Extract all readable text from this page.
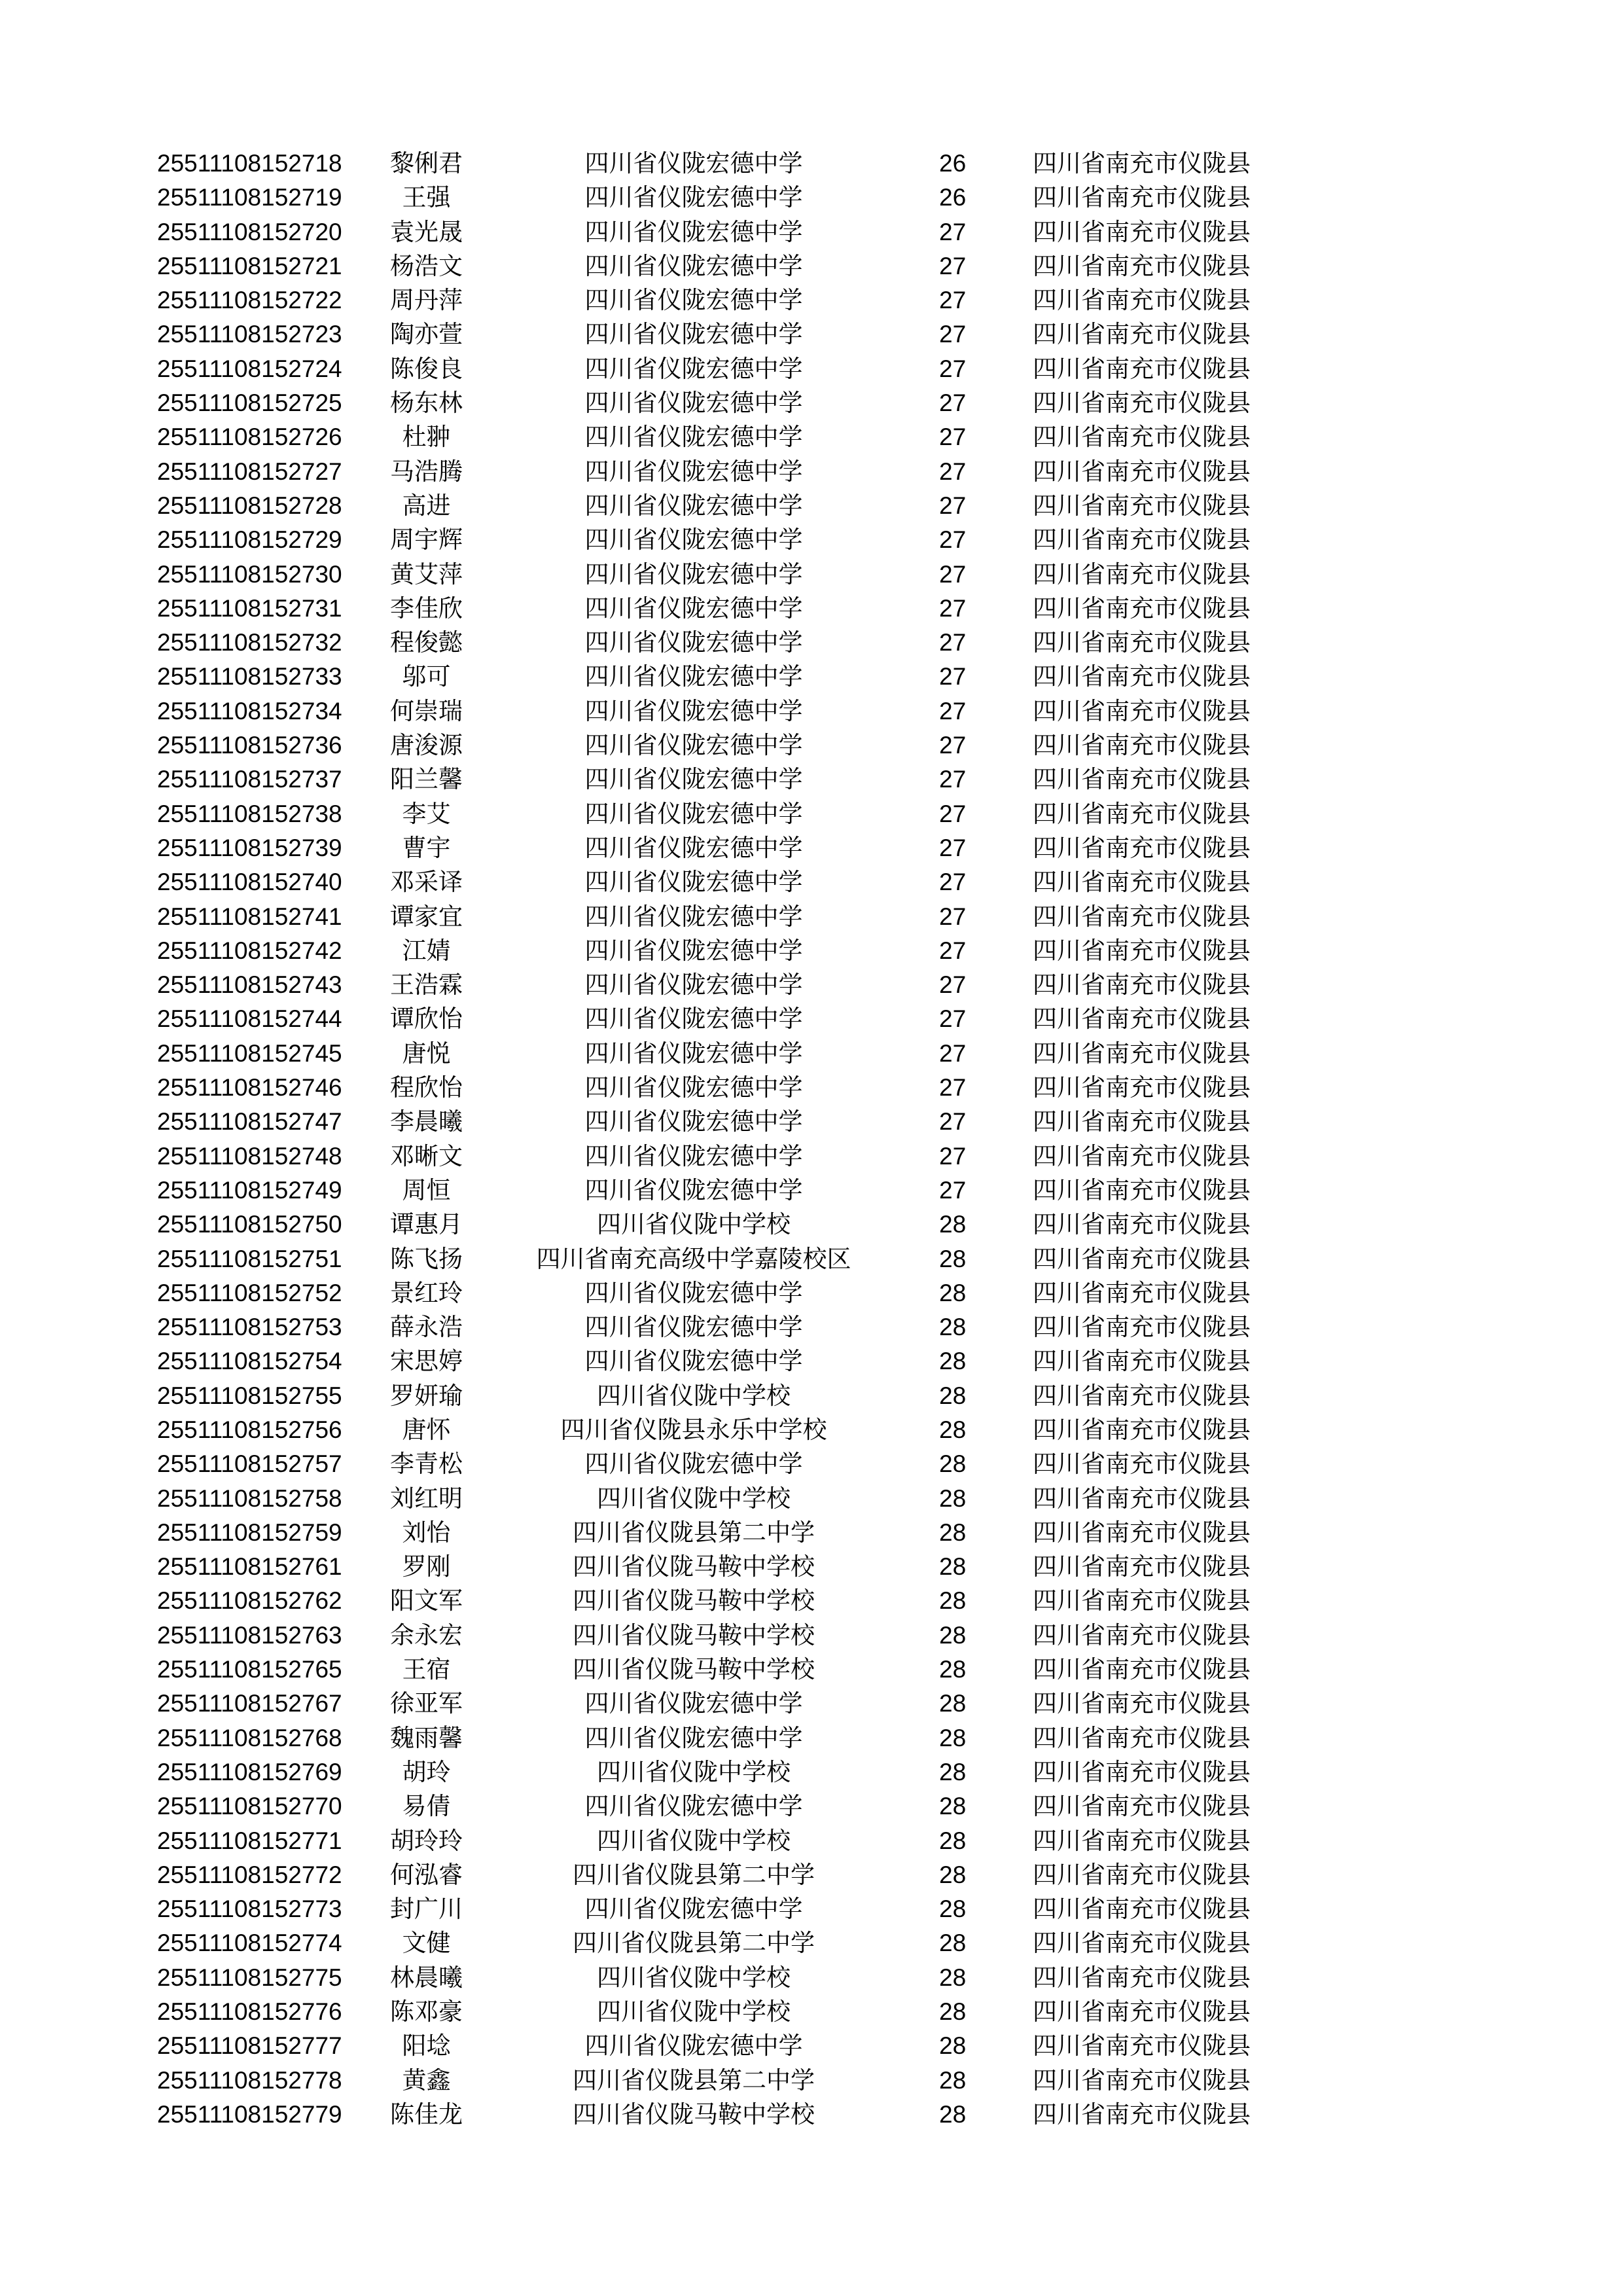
25511108152718	黎俐君	四川省仪陇宏德中学	26	四川省南充市仪陇县
25511108152719	王强	四川省仪陇宏德中学	26	四川省南充市仪陇县
25511108152720	袁光晟	四川省仪陇宏德中学	27	四川省南充市仪陇县
25511108152721	杨浩文	四川省仪陇宏德中学	27	四川省南充市仪陇县
25511108152722	周丹萍	四川省仪陇宏德中学	27	四川省南充市仪陇县
25511108152723	陶亦萱	四川省仪陇宏德中学	27	四川省南充市仪陇县
25511108152724	陈俊良	四川省仪陇宏德中学	27	四川省南充市仪陇县
25511108152725	杨东林	四川省仪陇宏德中学	27	四川省南充市仪陇县
25511108152726	杜翀	四川省仪陇宏德中学	27	四川省南充市仪陇县
25511108152727	马浩腾	四川省仪陇宏德中学	27	四川省南充市仪陇县
25511108152728	高进	四川省仪陇宏德中学	27	四川省南充市仪陇县
25511108152729	周宇辉	四川省仪陇宏德中学	27	四川省南充市仪陇县
25511108152730	黄艾萍	四川省仪陇宏德中学	27	四川省南充市仪陇县
25511108152731	李佳欣	四川省仪陇宏德中学	27	四川省南充市仪陇县
25511108152732	程俊懿	四川省仪陇宏德中学	27	四川省南充市仪陇县
25511108152733	邬可	四川省仪陇宏德中学	27	四川省南充市仪陇县
25511108152734	何崇瑞	四川省仪陇宏德中学	27	四川省南充市仪陇县
25511108152736	唐浚源	四川省仪陇宏德中学	27	四川省南充市仪陇县
25511108152737	阳兰馨	四川省仪陇宏德中学	27	四川省南充市仪陇县
25511108152738	李艾	四川省仪陇宏德中学	27	四川省南充市仪陇县
25511108152739	曹宇	四川省仪陇宏德中学	27	四川省南充市仪陇县
25511108152740	邓采译	四川省仪陇宏德中学	27	四川省南充市仪陇县
25511108152741	谭家宜	四川省仪陇宏德中学	27	四川省南充市仪陇县
25511108152742	江婧	四川省仪陇宏德中学	27	四川省南充市仪陇县
25511108152743	王浩霖	四川省仪陇宏德中学	27	四川省南充市仪陇县
25511108152744	谭欣怡	四川省仪陇宏德中学	27	四川省南充市仪陇县
25511108152745	唐悦	四川省仪陇宏德中学	27	四川省南充市仪陇县
25511108152746	程欣怡	四川省仪陇宏德中学	27	四川省南充市仪陇县
25511108152747	李晨曦	四川省仪陇宏德中学	27	四川省南充市仪陇县
25511108152748	邓晰文	四川省仪陇宏德中学	27	四川省南充市仪陇县
25511108152749	周恒	四川省仪陇宏德中学	27	四川省南充市仪陇县
25511108152750	谭惠月	四川省仪陇中学校	28	四川省南充市仪陇县
25511108152751	陈飞扬	四川省南充高级中学嘉陵校区	28	四川省南充市仪陇县
25511108152752	景红玲	四川省仪陇宏德中学	28	四川省南充市仪陇县
25511108152753	薛永浩	四川省仪陇宏德中学	28	四川省南充市仪陇县
25511108152754	宋思婷	四川省仪陇宏德中学	28	四川省南充市仪陇县
25511108152755	罗妍瑜	四川省仪陇中学校	28	四川省南充市仪陇县
25511108152756	唐怀	四川省仪陇县永乐中学校	28	四川省南充市仪陇县
25511108152757	李青松	四川省仪陇宏德中学	28	四川省南充市仪陇县
25511108152758	刘红明	四川省仪陇中学校	28	四川省南充市仪陇县
25511108152759	刘怡	四川省仪陇县第二中学	28	四川省南充市仪陇县
25511108152761	罗刚	四川省仪陇马鞍中学校	28	四川省南充市仪陇县
25511108152762	阳文军	四川省仪陇马鞍中学校	28	四川省南充市仪陇县
25511108152763	余永宏	四川省仪陇马鞍中学校	28	四川省南充市仪陇县
25511108152765	王宿	四川省仪陇马鞍中学校	28	四川省南充市仪陇县
25511108152767	徐亚军	四川省仪陇宏德中学	28	四川省南充市仪陇县
25511108152768	魏雨馨	四川省仪陇宏德中学	28	四川省南充市仪陇县
25511108152769	胡玲	四川省仪陇中学校	28	四川省南充市仪陇县
25511108152770	易倩	四川省仪陇宏德中学	28	四川省南充市仪陇县
25511108152771	胡玲玲	四川省仪陇中学校	28	四川省南充市仪陇县
25511108152772	何泓睿	四川省仪陇县第二中学	28	四川省南充市仪陇县
25511108152773	封广川	四川省仪陇宏德中学	28	四川省南充市仪陇县
25511108152774	文健	四川省仪陇县第二中学	28	四川省南充市仪陇县
25511108152775	林晨曦	四川省仪陇中学校	28	四川省南充市仪陇县
25511108152776	陈邓豪	四川省仪陇中学校	28	四川省南充市仪陇县
25511108152777	阳埝	四川省仪陇宏德中学	28	四川省南充市仪陇县
25511108152778	黄鑫	四川省仪陇县第二中学	28	四川省南充市仪陇县
25511108152779	陈佳龙	四川省仪陇马鞍中学校	28	四川省南充市仪陇县
